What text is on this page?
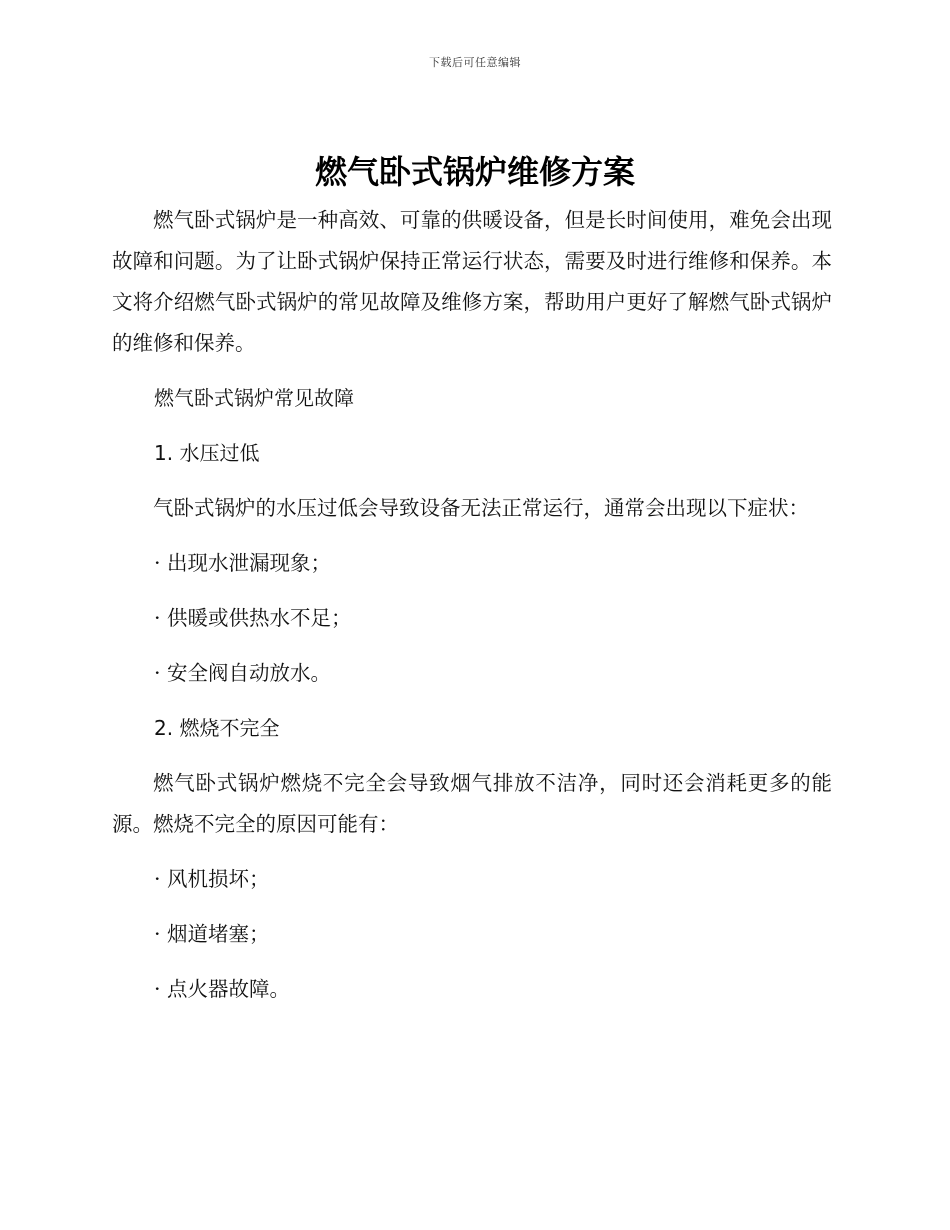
下载后可任意编辑
燃气卧式锅炉维修方案

燃气卧式锅炉是一种高效、可靠的供暖设备，但是长时间使用，难免会出现故障和问题。为了让卧式锅炉保持正常运行状态，需要及时进行维修和保养。本文将介绍燃气卧式锅炉的常见故障及维修方案，帮助用户更好了解燃气卧式锅炉的维修和保养。

燃气卧式锅炉常见故障

1. 水压过低

气卧式锅炉的水压过低会导致设备无法正常运行，通常会出现以下症状：

· 出现水泄漏现象；

· 供暖或供热水不足；

· 安全阀自动放水。

2. 燃烧不完全

燃气卧式锅炉燃烧不完全会导致烟气排放不洁净，同时还会消耗更多的能源。燃烧不完全的原因可能有：

· 风机损坏；

· 烟道堵塞；

· 点火器故障。
